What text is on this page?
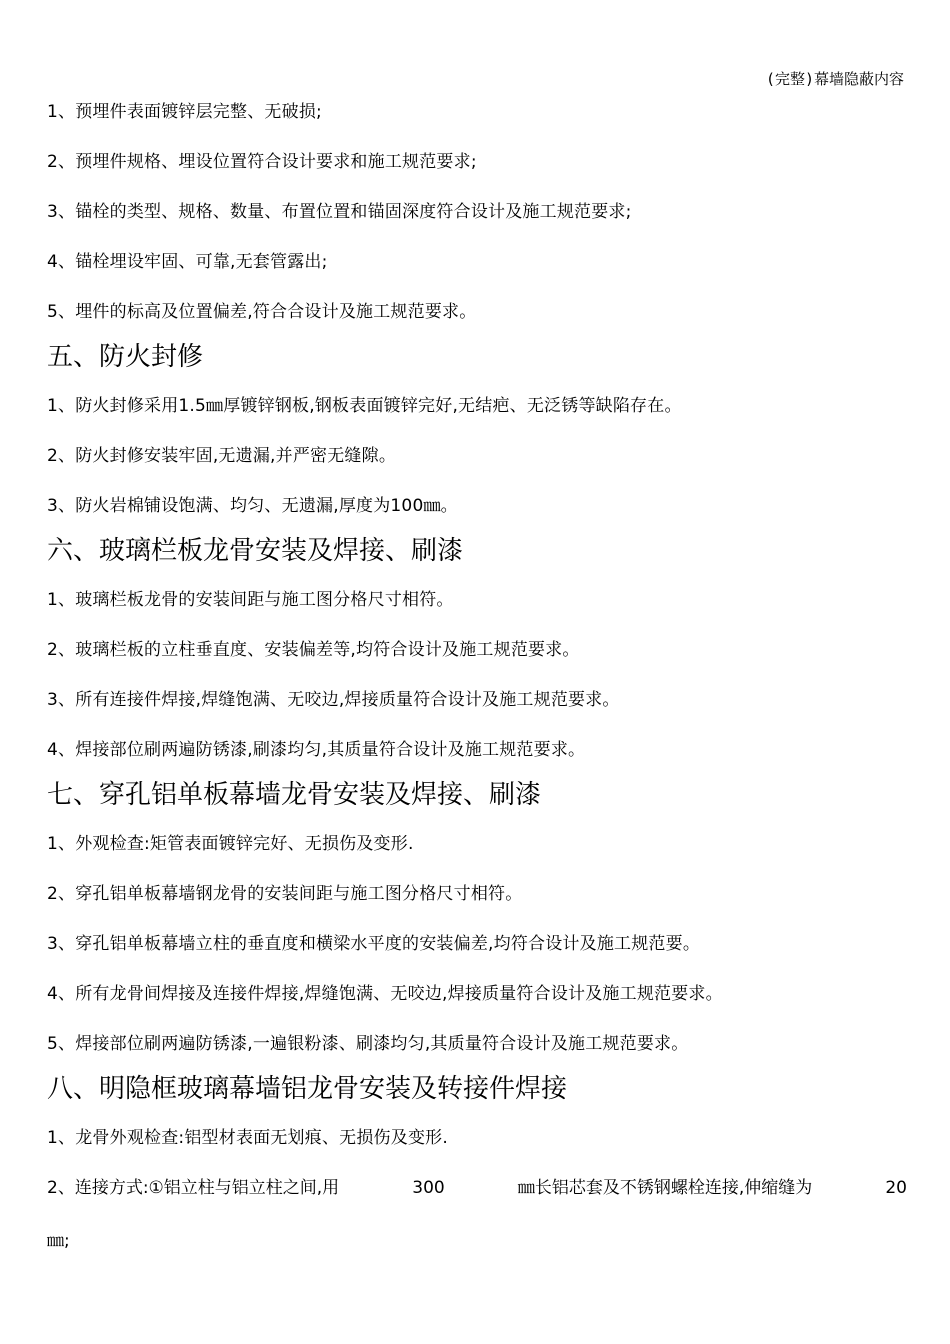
(完整)幕墙隐蔽内容
1、预埋件表面镀锌层完整、无破损;
2、预埋件规格、埋设位置符合设计要求和施工规范要求;
3、锚栓的类型、规格、数量、布置位置和锚固深度符合设计及施工规范要求;
4、锚栓埋设牢固、可靠,无套管露出;
5、埋件的标高及位置偏差,符合合设计及施工规范要求。
五、防火封修
1、防火封修采用1.5㎜厚镀锌钢板,钢板表面镀锌完好,无结疤、无泛锈等缺陷存在。
2、防火封修安装牢固,无遗漏,并严密无缝隙。
3、防火岩棉铺设饱满、均匀、无遗漏,厚度为100㎜。
六、玻璃栏板龙骨安装及焊接、刷漆
1、玻璃栏板龙骨的安装间距与施工图分格尺寸相符。
2、玻璃栏板的立柱垂直度、安装偏差等,均符合设计及施工规范要求。
3、所有连接件焊接,焊缝饱满、无咬边,焊接质量符合设计及施工规范要求。
4、焊接部位刷两遍防锈漆,刷漆均匀,其质量符合设计及施工规范要求。
七、穿孔铝单板幕墙龙骨安装及焊接、刷漆
1、外观检查:矩管表面镀锌完好、无损伤及变形.
2、穿孔铝单板幕墙钢龙骨的安装间距与施工图分格尺寸相符。
3、穿孔铝单板幕墙立柱的垂直度和横梁水平度的安装偏差,均符合设计及施工规范要。
4、所有龙骨间焊接及连接件焊接,焊缝饱满、无咬边,焊接质量符合设计及施工规范要求。
5、焊接部位刷两遍防锈漆,一遍银粉漆、刷漆均匀,其质量符合设计及施工规范要求。
八、明隐框玻璃幕墙铝龙骨安装及转接件焊接
1、龙骨外观检查:铝型材表面无划痕、无损伤及变形.
2、连接方式:①铝立柱与铝立柱之间,用	300	㎜长铝芯套及不锈钢螺栓连接,伸缩缝为	20
㎜;
